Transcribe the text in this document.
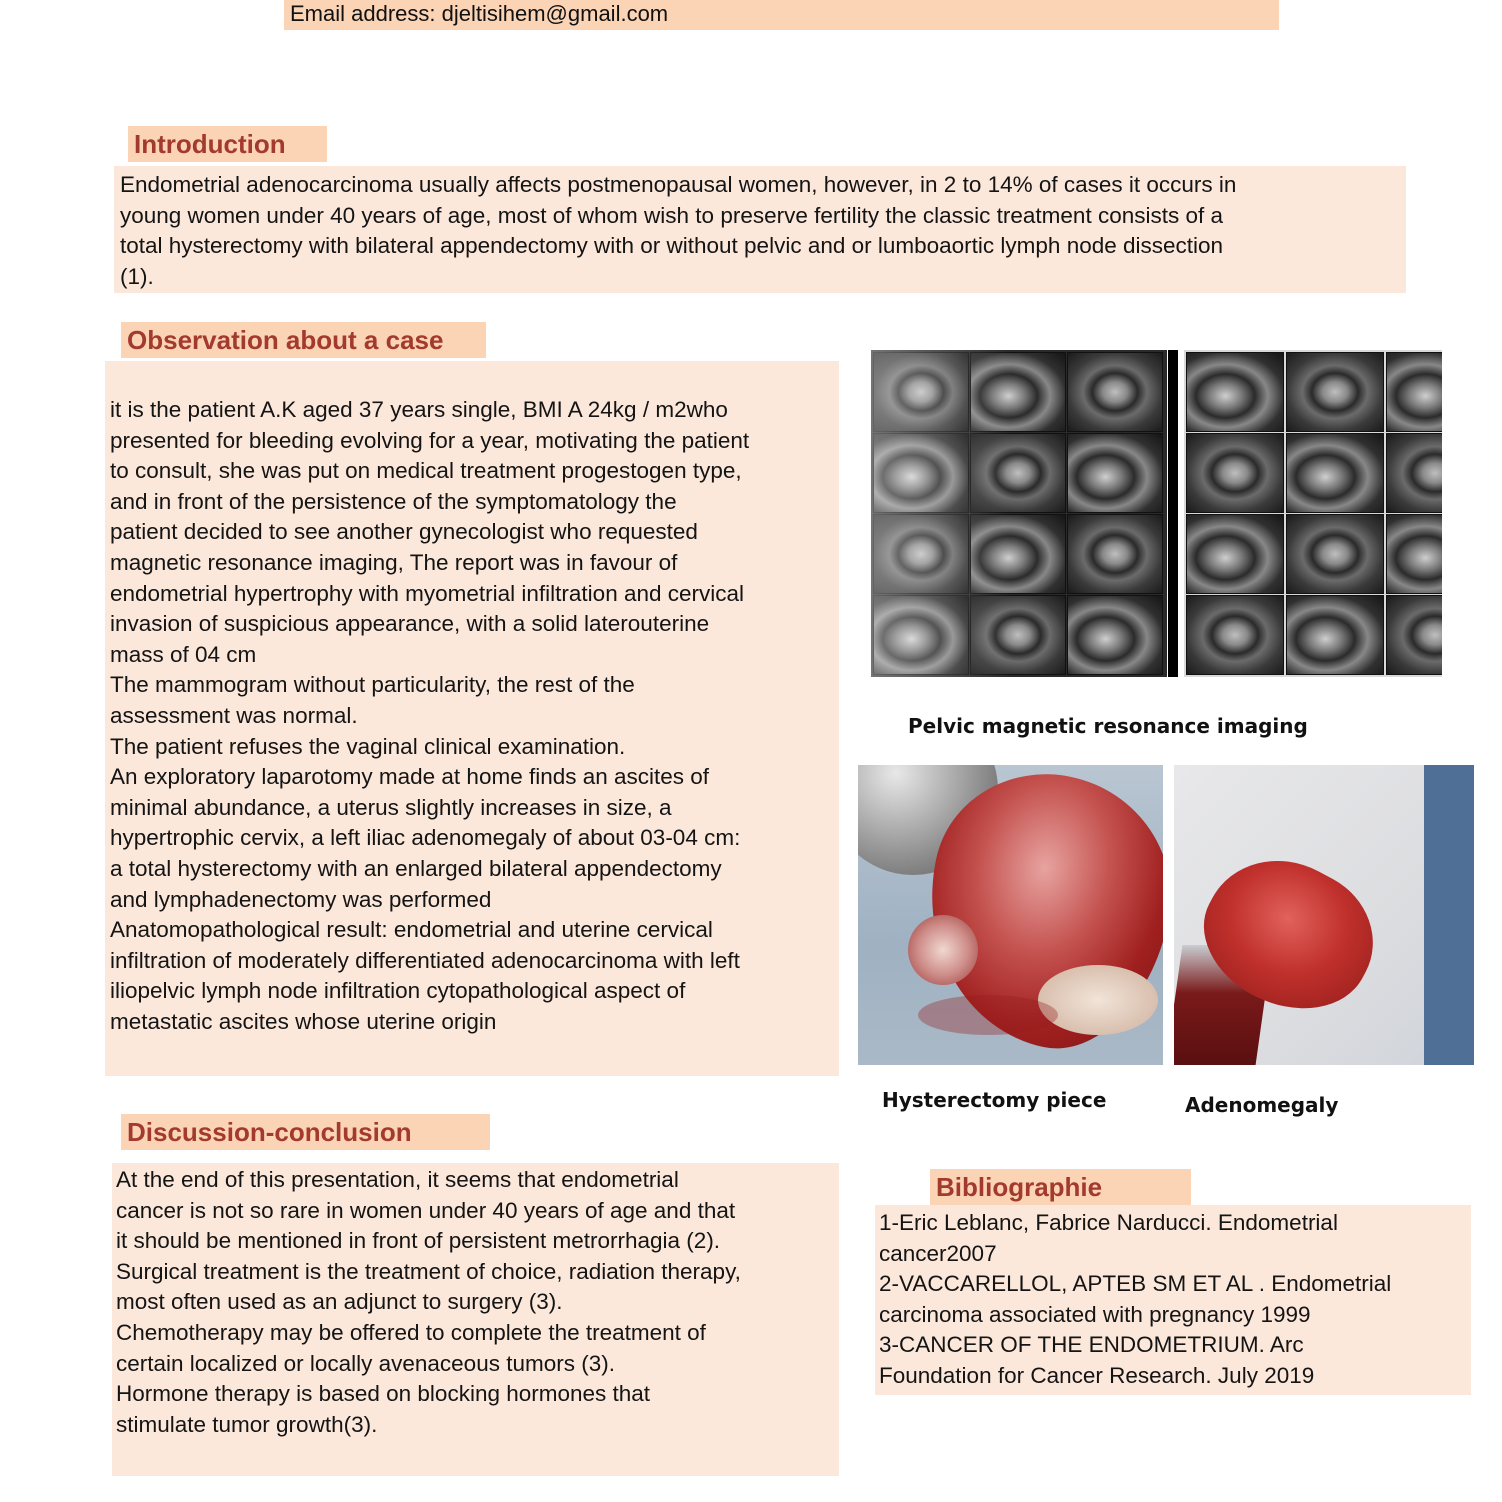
Email address: djeltisihem@gmail.com
Introduction
Endometrial adenocarcinoma usually affects postmenopausal women, however, in 2 to 14% of cases it occurs in
young women under 40 years of age, most of whom wish to preserve fertility the classic treatment consists of a
total hysterectomy with bilateral appendectomy with or without pelvic and or lumboaortic lymph node dissection
(1).
Observation about a case
it is the patient A.K aged 37 years single, BMI A 24kg / m2who
presented for bleeding evolving for a year, motivating the patient
to consult, she was put on medical treatment progestogen type,
and in front of the persistence of the symptomatology the
patient decided to see another gynecologist who requested
magnetic resonance imaging, The report was in favour of
endometrial hypertrophy with myometrial infiltration and cervical
invasion of suspicious appearance, with a solid laterouterine
mass of 04 cm
The mammogram without particularity, the rest of the
assessment was normal.
The patient refuses the vaginal clinical examination.
An exploratory laparotomy made at home finds an ascites of
minimal abundance, a uterus slightly increases in size, a
hypertrophic cervix, a left iliac adenomegaly of about 03-04 cm:
a total hysterectomy with an enlarged bilateral appendectomy
and lymphadenectomy was performed
Anatomopathological result: endometrial and uterine cervical
infiltration of moderately differentiated adenocarcinoma with left
iliopelvic lymph node infiltration cytopathological aspect of
metastatic ascites whose uterine origin
Pelvic magnetic resonance imaging
Hysterectomy piece	Adenomegaly
Discussion-conclusion
At the end of this presentation, it seems that endometrial
cancer is not so rare in women under 40 years of age and that
it should be mentioned in front of persistent metrorrhagia (2).
Surgical treatment is the treatment of choice, radiation therapy,
most often used as an adjunct to surgery (3).
Chemotherapy may be offered to complete the treatment of
certain localized or locally avenaceous tumors (3).
Hormone therapy is based on blocking hormones that
stimulate tumor growth(3).
Bibliographie
1-Eric Leblanc, Fabrice Narducci. Endometrial
cancer2007
2-VACCARELLOL, APTEB SM ET AL . Endometrial
carcinoma associated with pregnancy 1999
3-CANCER OF THE ENDOMETRIUM. Arc
Foundation for Cancer Research. July 2019
